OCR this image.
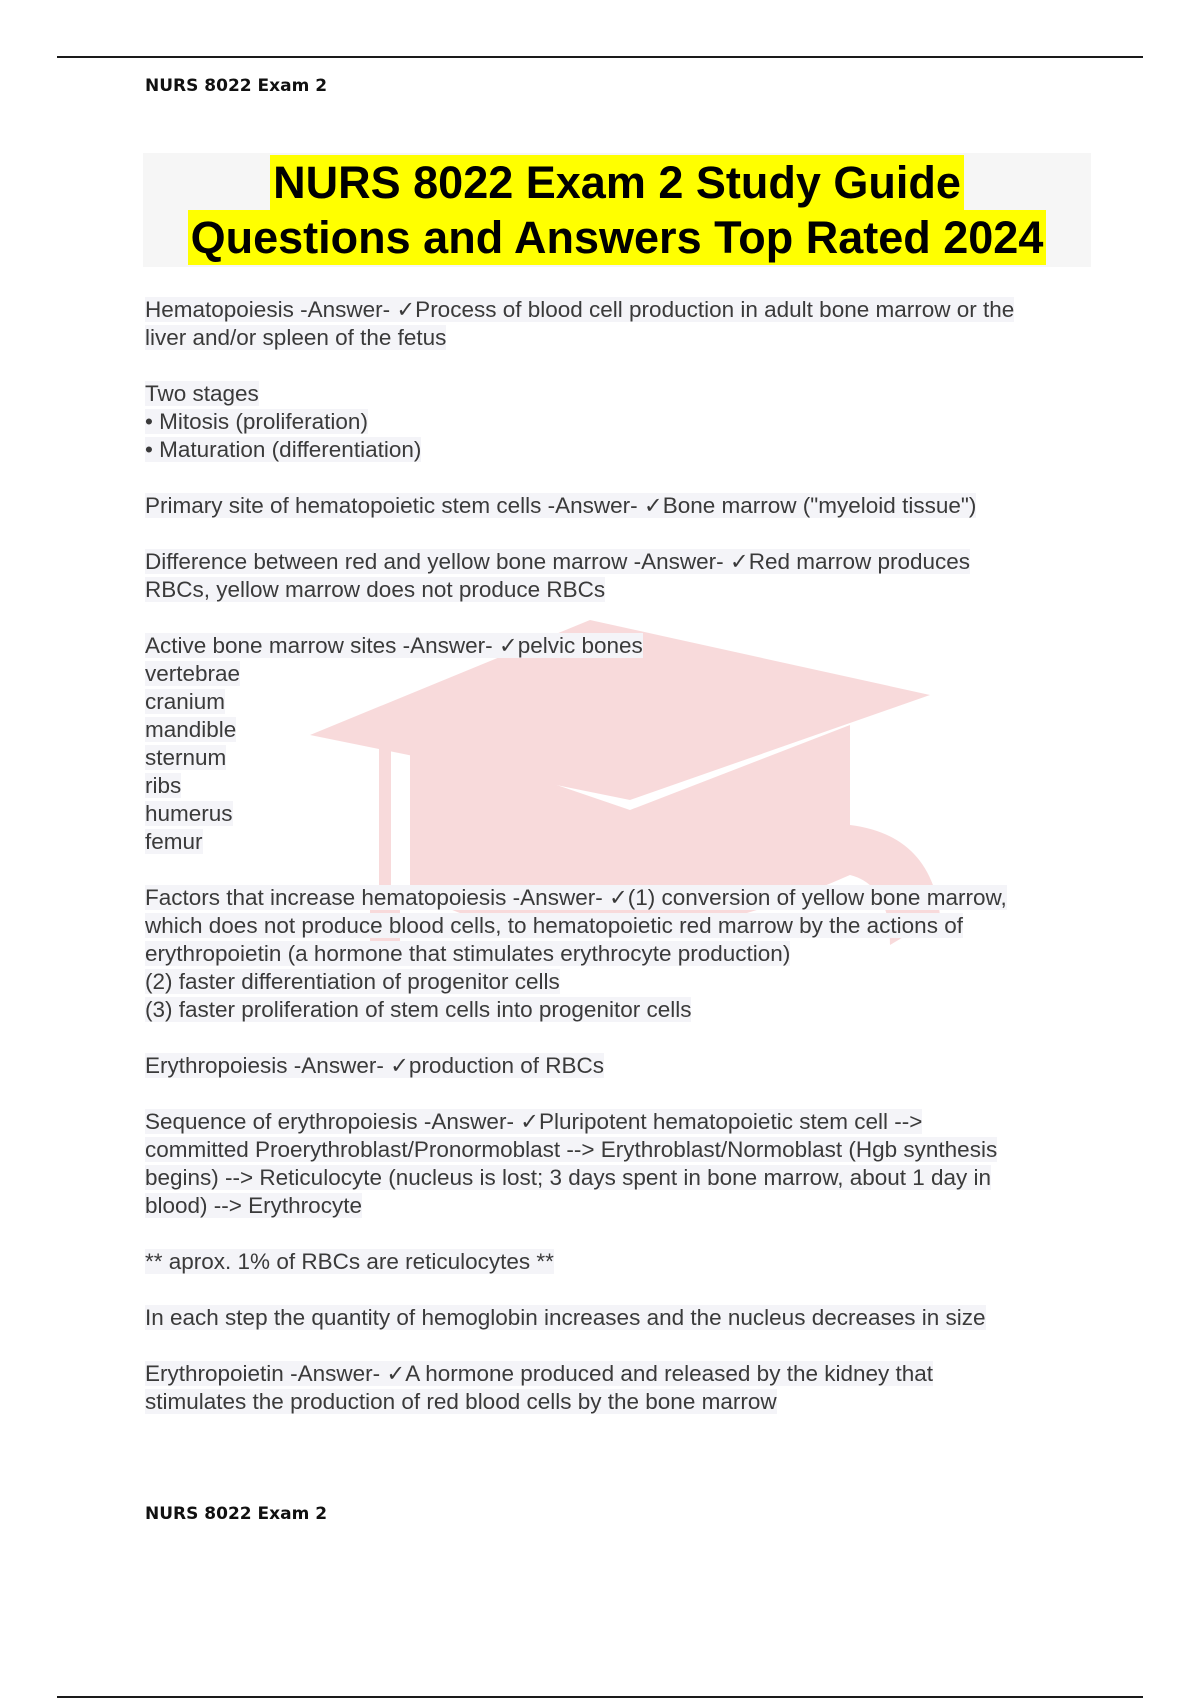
NURS 8022 Exam 2
NURS 8022 Exam 2 Study Guide
Questions and Answers Top Rated 2024
Hematopoiesis -Answer- ✓Process of blood cell production in adult bone marrow or the
liver and/or spleen of the fetus
Two stages
• Mitosis (proliferation)
• Maturation (differentiation)
Primary site of hematopoietic stem cells -Answer- ✓Bone marrow ("myeloid tissue")
Difference between red and yellow bone marrow -Answer- ✓Red marrow produces
RBCs, yellow marrow does not produce RBCs
Active bone marrow sites -Answer- ✓pelvic bones
vertebrae
cranium
mandible
sternum
ribs
humerus
femur
Factors that increase hematopoiesis -Answer- ✓(1) conversion of yellow bone marrow,
which does not produce blood cells, to hematopoietic red marrow by the actions of
erythropoietin (a hormone that stimulates erythrocyte production)
(2) faster differentiation of progenitor cells
(3) faster proliferation of stem cells into progenitor cells
Erythropoiesis -Answer- ✓production of RBCs
Sequence of erythropoiesis -Answer- ✓Pluripotent hematopoietic stem cell -->
committed Proerythroblast/Pronormoblast --> Erythroblast/Normoblast (Hgb synthesis
begins) --> Reticulocyte (nucleus is lost; 3 days spent in bone marrow, about 1 day in
blood) --> Erythrocyte
** aprox. 1% of RBCs are reticulocytes **
In each step the quantity of hemoglobin increases and the nucleus decreases in size
Erythropoietin -Answer- ✓A hormone produced and released by the kidney that
stimulates the production of red blood cells by the bone marrow
NURS 8022 Exam 2
